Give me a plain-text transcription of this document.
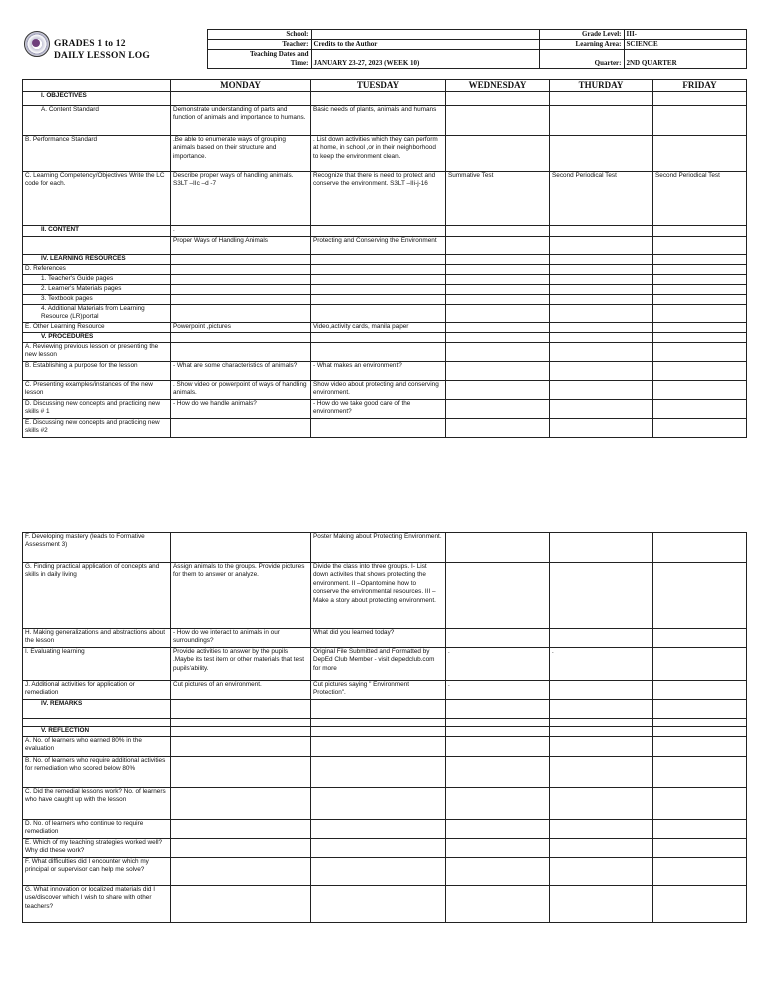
GRADES 1 to 12
DAILY LESSON LOG
	School:		Grade Level:	III-
	Teacher:	Credits to the Author	Learning Area:	SCIENCE
	Teaching Dates and	JANUARY 23-27, 2023 (WEEK 10)	Quarter:	2ND QUARTER
	Time:			
	MONDAY	TUESDAY	WEDNESDAY	THURDAY	FRIDAY
I. OBJECTIVES					
A. Content Standard	Demonstrate understanding of parts and function of animals and importance to humans.	Basic needs of plants, animals and humans			
B. Performance Standard	.Be able to enumerate ways of grouping animals based on their structure and importance.	. List down activities which they can perform at home, in school ,or in their neighborhood to keep the environment clean.			
C. Learning Competency/Objectives Write the LC code for each.	Describe proper ways of handling animals. S3LT –IIc –d -7	Recognize that there is need to protect and conserve the environment. S3LT –IIi-j-16	Summative Test	Second Periodical Test	Second Periodical Test
II. CONTENT	.				
	Proper Ways of Handling Animals	Protecting and Conserving the Environment			
IV. LEARNING RESOURCES					
D. References					
1. Teacher's Guide pages					
2. Learner's Materials pages					
3. Textbook pages					
4. Additional Materials from Learning Resource (LR)portal					
E. Other Learning Resource	Powerpoint ,pictures	Video,activity cards, manila paper			
V. PROCEDURES					
A. Reviewing previous lesson or presenting the new lesson					
B. Establishing a purpose for the lesson	- What are some characteristics of animals?	- What makes an environment?			
C. Presenting examples/instances of the new lesson	. Show video or powerpoint of ways of handling animals.	Show video about protecting and conserving environment.			
D. Discussing new concepts and practicing new skills # 1	- How do we handle animals?	- How do we take good care of the environment?			
E. Discussing new concepts and practicing new skills #2					
F. Developing mastery (leads to Formative Assessment 3)		Poster Making about Protecting Environment.			
G. Finding practical application of concepts and skills in daily living	Assign animals to the groups. Provide pictures for them to answer or analyze.	Divide the class into three groups. I- List down activites that shows protecting the environment. II –Opantomine how to conserve the environmental resources. III – Make a story about protecting environment.			
H. Making generalizations and abstractions about the lesson	- How do we interact to animals in our surroundings?	What did you learned today?			
I. Evaluating learning	Provide activities to answer by the pupils .Maybe its test item or other materials that test pupils'ability.	Original File Submitted and Formatted by DepEd Club Member - visit depedclub.com for more	.	.	
J. Additional activities for application or remediation	Cut pictures of an environment.	Cut pictures saying " Environment Protection".	.		
IV. REMARKS					

V. REFLECTION					
A. No. of learners who earned 80% in the evaluation					
B. No. of learners who require additional activities for remediation who scored below 80%					
C. Did the remedial lessons work? No. of learners who have caught up with the lesson					
D. No. of learners who continue to require remediation					
E. Which of my teaching strategies worked well? Why did these work?					
F. What difficulties did I encounter which my principal or supervisor can help me solve?					
G. What innovation or localized materials did I use/discover which I wish to share with other teachers?					
